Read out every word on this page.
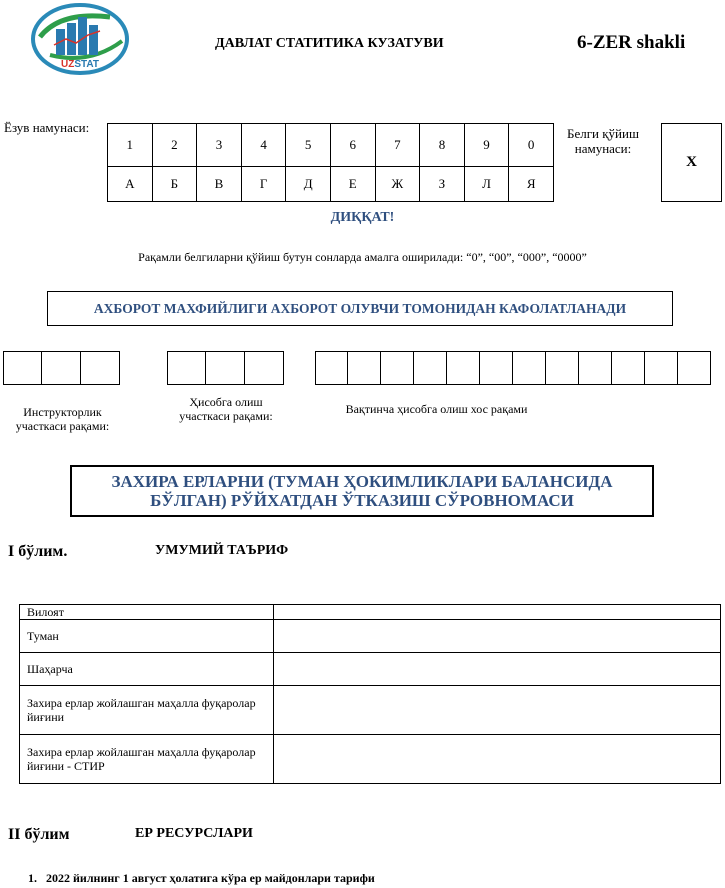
UZSTAT
ДАВЛАТ СТАТИТИКА КУЗАТУВИ	6-ZER shakli
Ёзув намунаси:
1	2	3	4	5	6	7	8	9	0
А	Б	В	Г	Д	Е	Ж	З	Л	Я
Белги қўйиш намунаси:
X
ДИҚҚАТ!
Рақамли белгиларни қўйиш бутун сонларда амалга оширилади: “0”, “00”, “000”, “0000”
АХБОРОТ МАХФИЙЛИГИ АХБОРОТ ОЛУВЧИ ТОМОНИДАН КАФОЛАТЛАНАДИ
Инструкторлик участкаси рақами:
Ҳисобга олиш участкаси рақами:	Вақтинча ҳисобга олиш хос рақами
ЗАХИРА ЕРЛАРНИ (ТУМАН ҲОКИМЛИКЛАРИ БАЛАНСИДА БЎЛГАН) РЎЙХАТДАН ЎТКАЗИШ СЎРОВНОМАСИ
I бўлим.	УМУМИЙ ТАЪРИФ
Вилоят	
Туман	
Шаҳарча	
Захира ерлар жойлашган маҳалла фуқаролар йиғини	
Захира ерлар жойлашган маҳалла фуқаролар йиғини - СТИР	
II бўлим	ЕР РЕСУРСЛАРИ
1. 2022 йилнинг 1 август ҳолатига кўра ер майдонлари тарифи
